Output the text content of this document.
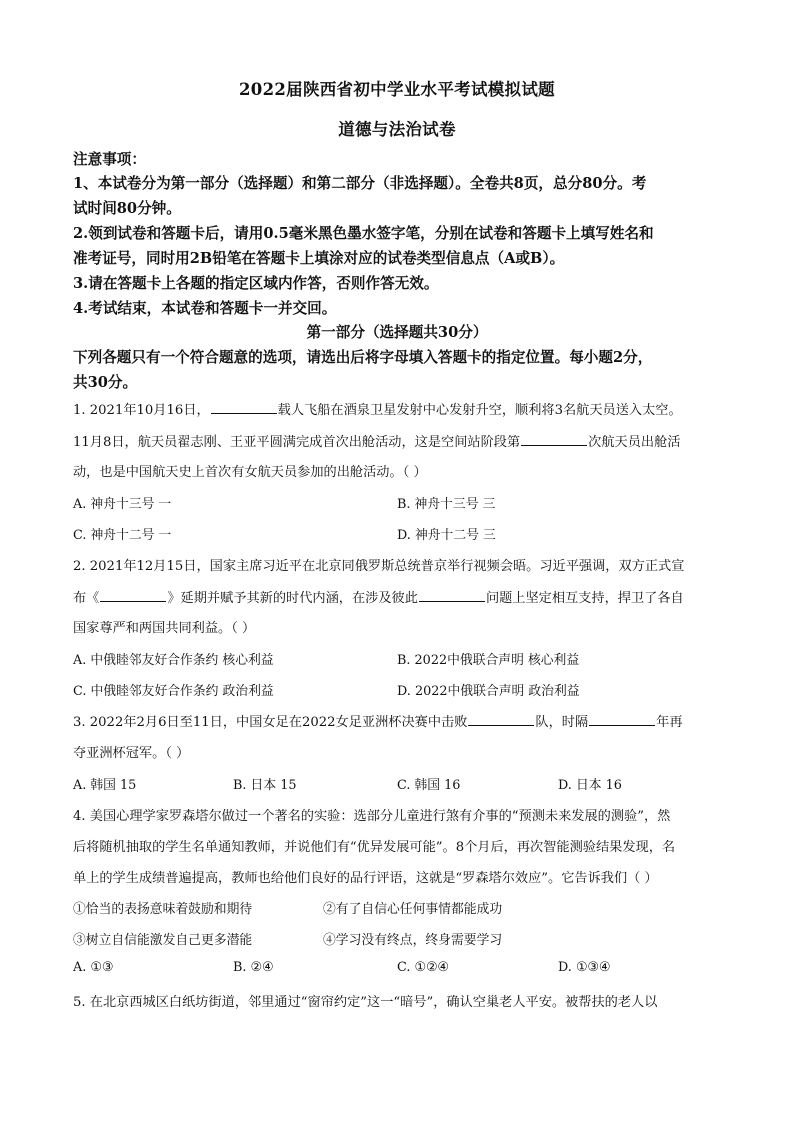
2022届陕西省初中学业水平考试模拟试题
道德与法治试卷
注意事项：
1、本试卷分为第一部分（选择题）和第二部分（非选择题）。全卷共8页，总分80分。考
试时间80分钟。
2.领到试卷和答题卡后，请用0.5毫米黑色墨水签字笔，分别在试卷和答题卡上填写姓名和
准考证号，同时用2B铅笔在答题卡上填涂对应的试卷类型信息点（A或B）。
3.请在答题卡上各题的指定区域内作答，否则作答无效。
4.考试结束，本试卷和答题卡一并交回。
第一部分（选择题共30分）
下列各题只有一个符合题意的选项，请选出后将字母填入答题卡的指定位置。每小题2分，
共30分。
1. 2021年10月16日，	载人飞船在酒泉卫星发射中心发射升空，顺利将3名航天员送入太空。
11月8日，航天员翟志刚、王亚平圆满完成首次出舱活动，这是空间站阶段第	次航天员出舱活
动，也是中国航天史上首次有女航天员参加的出舱活动。（ ）
A. 神舟十三号 一	B. 神舟十三号 三
C. 神舟十二号 一	D. 神舟十二号 三
2. 2021年12月15日，国家主席习近平在北京同俄罗斯总统普京举行视频会晤。习近平强调，双方正式宣
布《	》延期并赋予其新的时代内涵，在涉及彼此	问题上坚定相互支持，捍卫了各自
国家尊严和两国共同利益。（ ）
A. 中俄睦邻友好合作条约 核心利益	B. 2022中俄联合声明 核心利益
C. 中俄睦邻友好合作条约 政治利益	D. 2022中俄联合声明 政治利益
3. 2022年2月6日至11日，中国女足在2022女足亚洲杯决赛中击败	队，时隔	年再
夺亚洲杯冠军。（ ）
A. 韩国 15	B. 日本 15	C. 韩国 16	D. 日本 16
4. 美国心理学家罗森塔尔做过一个著名的实验：选部分儿童进行煞有介事的“预测未来发展的测验”，然
后将随机抽取的学生名单通知教师，并说他们有“优异发展可能”。8个月后，再次智能测验结果发现，名
单上的学生成绩普遍提高，教师也给他们良好的品行评语，这就是“罗森塔尔效应”。它告诉我们（ ）
①恰当的表扬意味着鼓励和期待	②有了自信心任何事情都能成功
③树立自信能激发自己更多潜能	④学习没有终点，终身需要学习
A. ①③	B. ②④	C. ①②④	D. ①③④
5. 在北京西城区白纸坊街道，邻里通过“窗帘约定”这一“暗号”，确认空巢老人平安。被帮扶的老人以
